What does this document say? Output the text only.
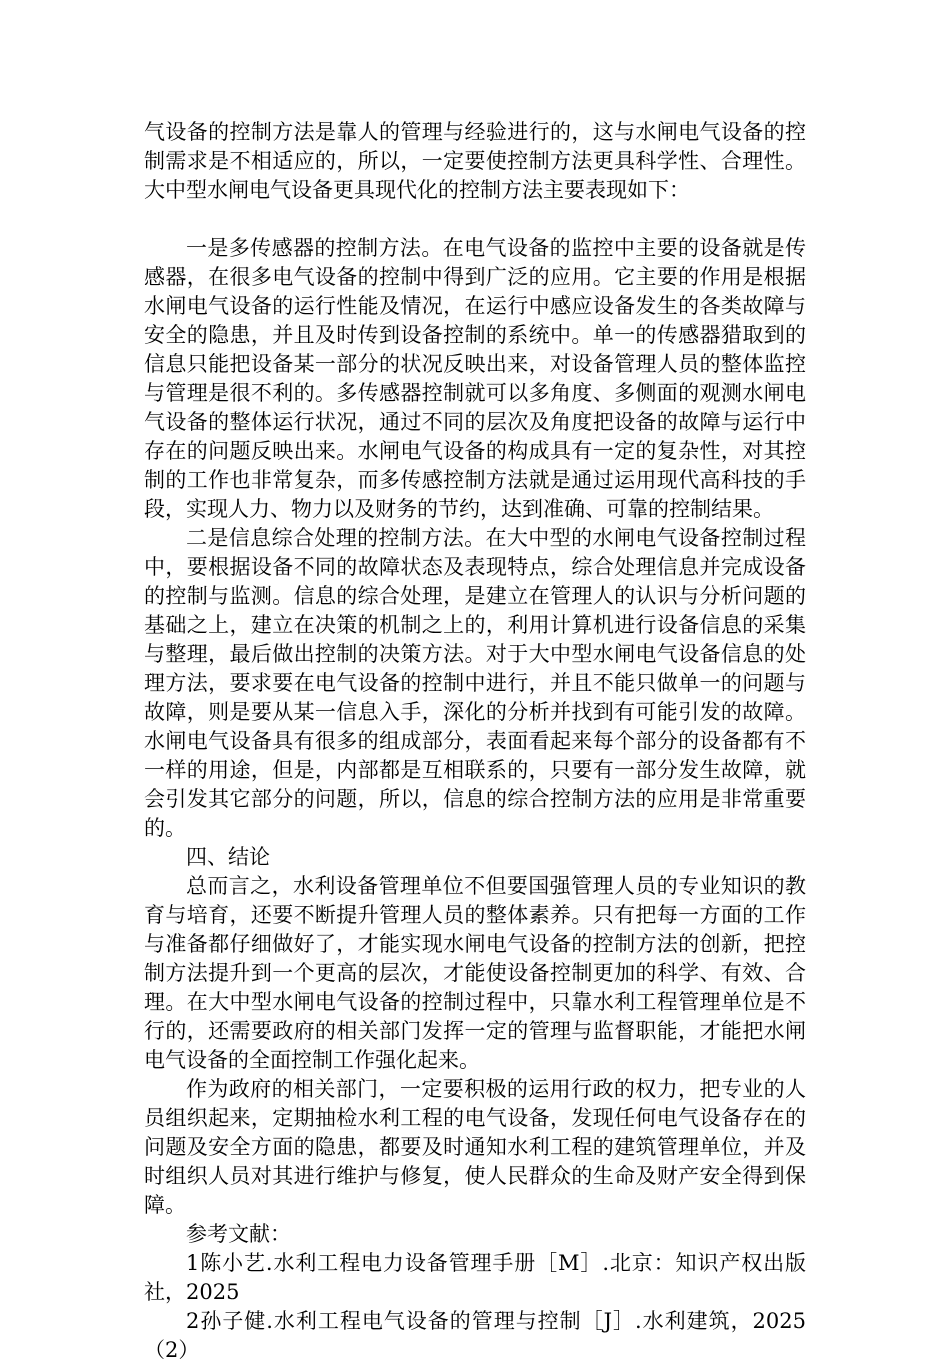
气设备的控制方法是靠人的管理与经验进行的，这与水闸电气设备的控制需求是不相适应的，所以，一定要使控制方法更具科学性、合理性。大中型水闸电气设备更具现代化的控制方法主要表现如下：

一是多传感器的控制方法。在电气设备的监控中主要的设备就是传感器，在很多电气设备的控制中得到广泛的应用。它主要的作用是根据水闸电气设备的运行性能及情况，在运行中感应设备发生的各类故障与安全的隐患，并且及时传到设备控制的系统中。单一的传感器猎取到的信息只能把设备某一部分的状况反映出来，对设备管理人员的整体监控与管理是很不利的。多传感器控制就可以多角度、多侧面的观测水闸电气设备的整体运行状况，通过不同的层次及角度把设备的故障与运行中存在的问题反映出来。水闸电气设备的构成具有一定的复杂性，对其控制的工作也非常复杂，而多传感控制方法就是通过运用现代高科技的手段，实现人力、物力以及财务的节约，达到准确、可靠的控制结果。

二是信息综合处理的控制方法。在大中型的水闸电气设备控制过程中，要根据设备不同的故障状态及表现特点，综合处理信息并完成设备的控制与监测。信息的综合处理，是建立在管理人的认识与分析问题的基础之上，建立在决策的机制之上的，利用计算机进行设备信息的采集与整理，最后做出控制的决策方法。对于大中型水闸电气设备信息的处理方法，要求要在电气设备的控制中进行，并且不能只做单一的问题与故障，则是要从某一信息入手，深化的分析并找到有可能引发的故障。水闸电气设备具有很多的组成部分，表面看起来每个部分的设备都有不一样的用途，但是，内部都是互相联系的，只要有一部分发生故障，就会引发其它部分的问题，所以，信息的综合控制方法的应用是非常重要的。

四、结论

总而言之，水利设备管理单位不但要国强管理人员的专业知识的教育与培育，还要不断提升管理人员的整体素养。只有把每一方面的工作与准备都仔细做好了，才能实现水闸电气设备的控制方法的创新，把控制方法提升到一个更高的层次，才能使设备控制更加的科学、有效、合理。在大中型水闸电气设备的控制过程中，只靠水利工程管理单位是不行的，还需要政府的相关部门发挥一定的管理与监督职能，才能把水闸电气设备的全面控制工作强化起来。

作为政府的相关部门，一定要积极的运用行政的权力，把专业的人员组织起来，定期抽检水利工程的电气设备，发现任何电气设备存在的问题及安全方面的隐患，都要及时通知水利工程的建筑管理单位，并及时组织人员对其进行维护与修复，使人民群众的生命及财产安全得到保障。

参考文献：

1陈小艺.水利工程电力设备管理手册［M］.北京：知识产权出版社，2025

2孙子健.水利工程电气设备的管理与控制［J］.水利建筑，2025（2）
